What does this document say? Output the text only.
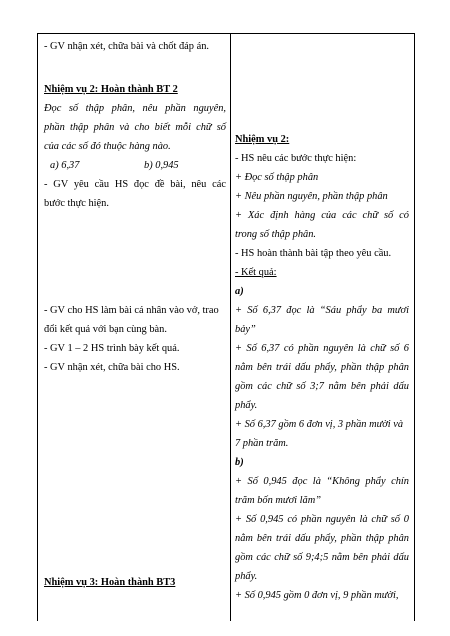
- GV nhận xét, chữa bài và chốt đáp án.
Nhiệm vụ 2: Hoàn thành BT 2
Đọc số thập phân, nêu phần nguyên,
phần thập phân và cho biết mỗi chữ số
của các số đó thuộc hàng nào.
a) 6,37	b) 0,945
- GV yêu cầu HS đọc đề bài, nêu các
bước thực hiện.
- GV cho HS làm bài cá nhân vào vở, trao
đổi kết quả với bạn cùng bàn.
- GV 1 – 2 HS trình bày kết quả.
- GV nhận xét, chữa bài cho HS.
Nhiệm vụ 3: Hoàn thành BT3
Nhiệm vụ 2:
- HS nêu các bước thực hiện:
+ Đọc số thập phân
+ Nêu phần nguyên, phần thập phân
+ Xác định hàng của các chữ số có
trong số thập phân.
- HS hoàn thành bài tập theo yêu cầu.
- Kết quả:
a)
+ Số 6,37 đọc là “Sáu phẩy ba mươi
bảy”
+ Số 6,37 có phần nguyên là chữ số 6
nằm bên trái dấu phẩy, phần thập phân
gồm các chữ số 3;7 nằm bên phải dấu
phẩy.
+ Số 6,37 gồm 6 đơn vị, 3 phần mười và
7 phần trăm.
b)
+ Số 0,945 đọc là “Không phẩy chín
trăm bốn mươi lăm”
+ Số 0,945 có phần nguyên là chữ số 0
nằm bên trái dấu phẩy, phần thập phân
gồm các chữ số 9;4;5 nằm bên phải dấu
phẩy.
+ Số 0,945 gồm 0 đơn vị, 9 phần mười,
